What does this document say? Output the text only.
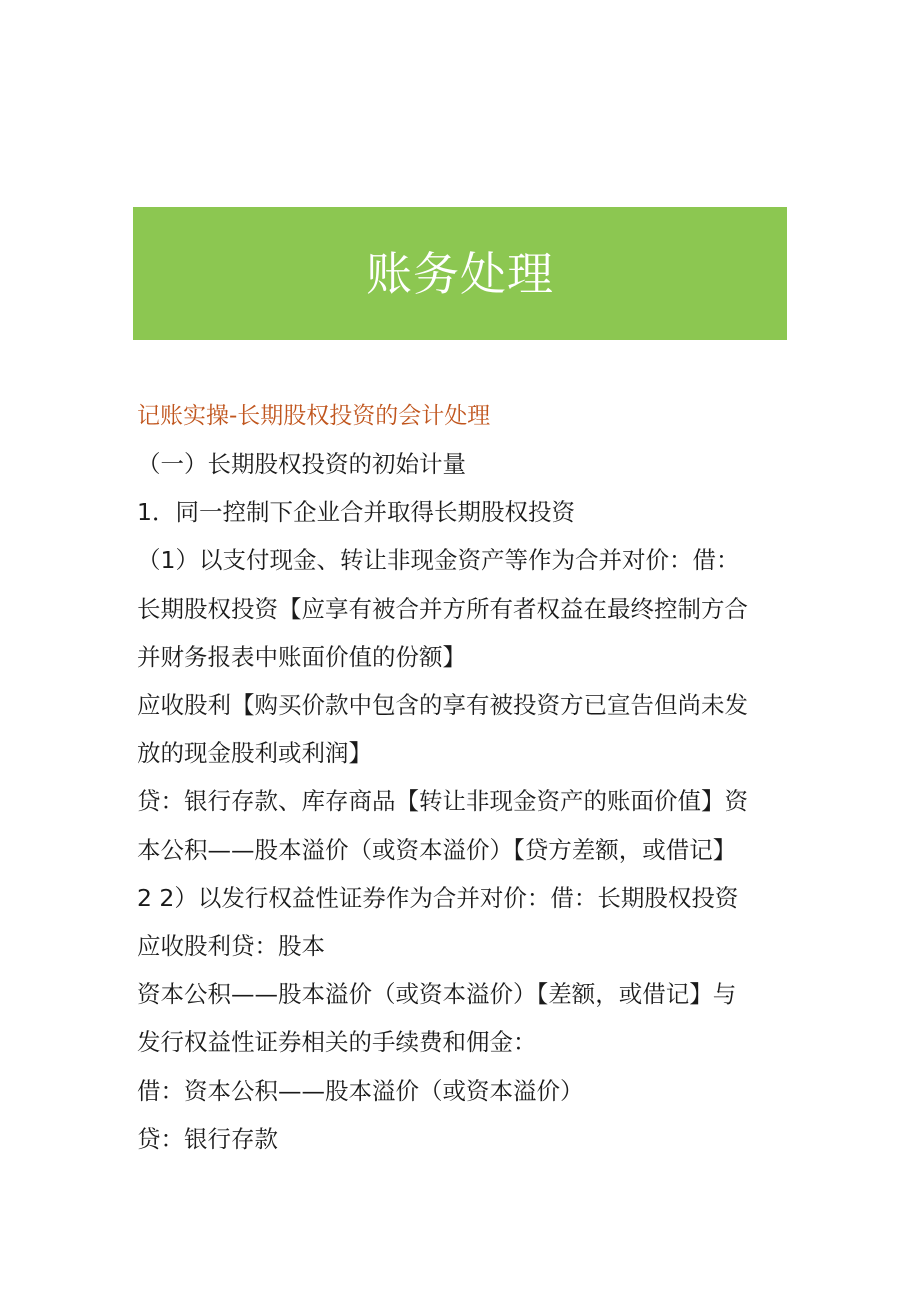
账务处理

记账实操-长期股权投资的会计处理

（一）长期股权投资的初始计量

1．同一控制下企业合并取得长期股权投资

（1）以支付现金、转让非现金资产等作为合并对价：借：

长期股权投资【应享有被合并方所有者权益在最终控制方合

并财务报表中账面价值的份额】

应收股利【购买价款中包含的享有被投资方已宣告但尚未发

放的现金股利或利润】

贷：银行存款、库存商品【转让非现金资产的账面价值】资

本公积——股本溢价（或资本溢价）【贷方差额，或借记】

2 2）以发行权益性证券作为合并对价：借：长期股权投资

应收股利贷：股本

资本公积——股本溢价（或资本溢价）【差额，或借记】与

发行权益性证券相关的手续费和佣金：

借：资本公积——股本溢价（或资本溢价）

贷：银行存款
